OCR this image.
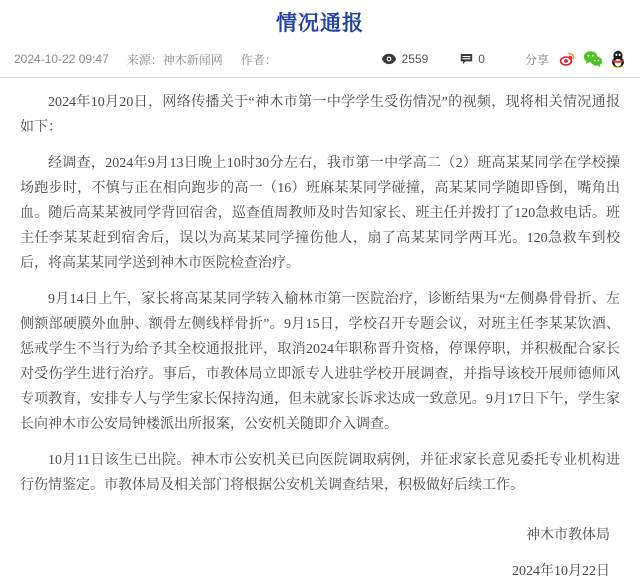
情况通报
2024-10-22 09:47 来源：神木新闻网 作者：	2559	0	分享

2024年10月20日，网络传播关于“神木市第一中学学生受伤情况”的视频，现将相关情况通报如下：

经调查，2024年9月13日晚上10时30分左右，我市第一中学高二（2）班高某某同学在学校操场跑步时，不慎与正在相向跑步的高一（16）班麻某某同学碰撞，高某某同学随即昏倒，嘴角出血。随后高某某被同学背回宿舍，巡查值周教师及时告知家长、班主任并拨打了120急救电话。班主任李某某赶到宿舍后，误以为高某某同学撞伤他人，扇了高某某同学两耳光。120急救车到校后，将高某某同学送到神木市医院检查治疗。

9月14日上午，家长将高某某同学转入榆林市第一医院治疗，诊断结果为“左侧鼻骨骨折、左侧额部硬膜外血肿、额骨左侧线样骨折”。9月15日，学校召开专题会议，对班主任李某某饮酒、惩戒学生不当行为给予其全校通报批评，取消2024年职称晋升资格，停课停职，并积极配合家长对受伤学生进行治疗。事后，市教体局立即派专人进驻学校开展调查，并指导该校开展师德师风专项教育，安排专人与学生家长保持沟通，但未就家长诉求达成一致意见。9月17日下午，学生家长向神木市公安局钟楼派出所报案，公安机关随即介入调查。

10月11日该生已出院。神木市公安机关已向医院调取病例，并征求家长意见委托专业机构进行伤情鉴定。市教体局及相关部门将根据公安机关调查结果，积极做好后续工作。

神木市教体局
2024年10月22日
